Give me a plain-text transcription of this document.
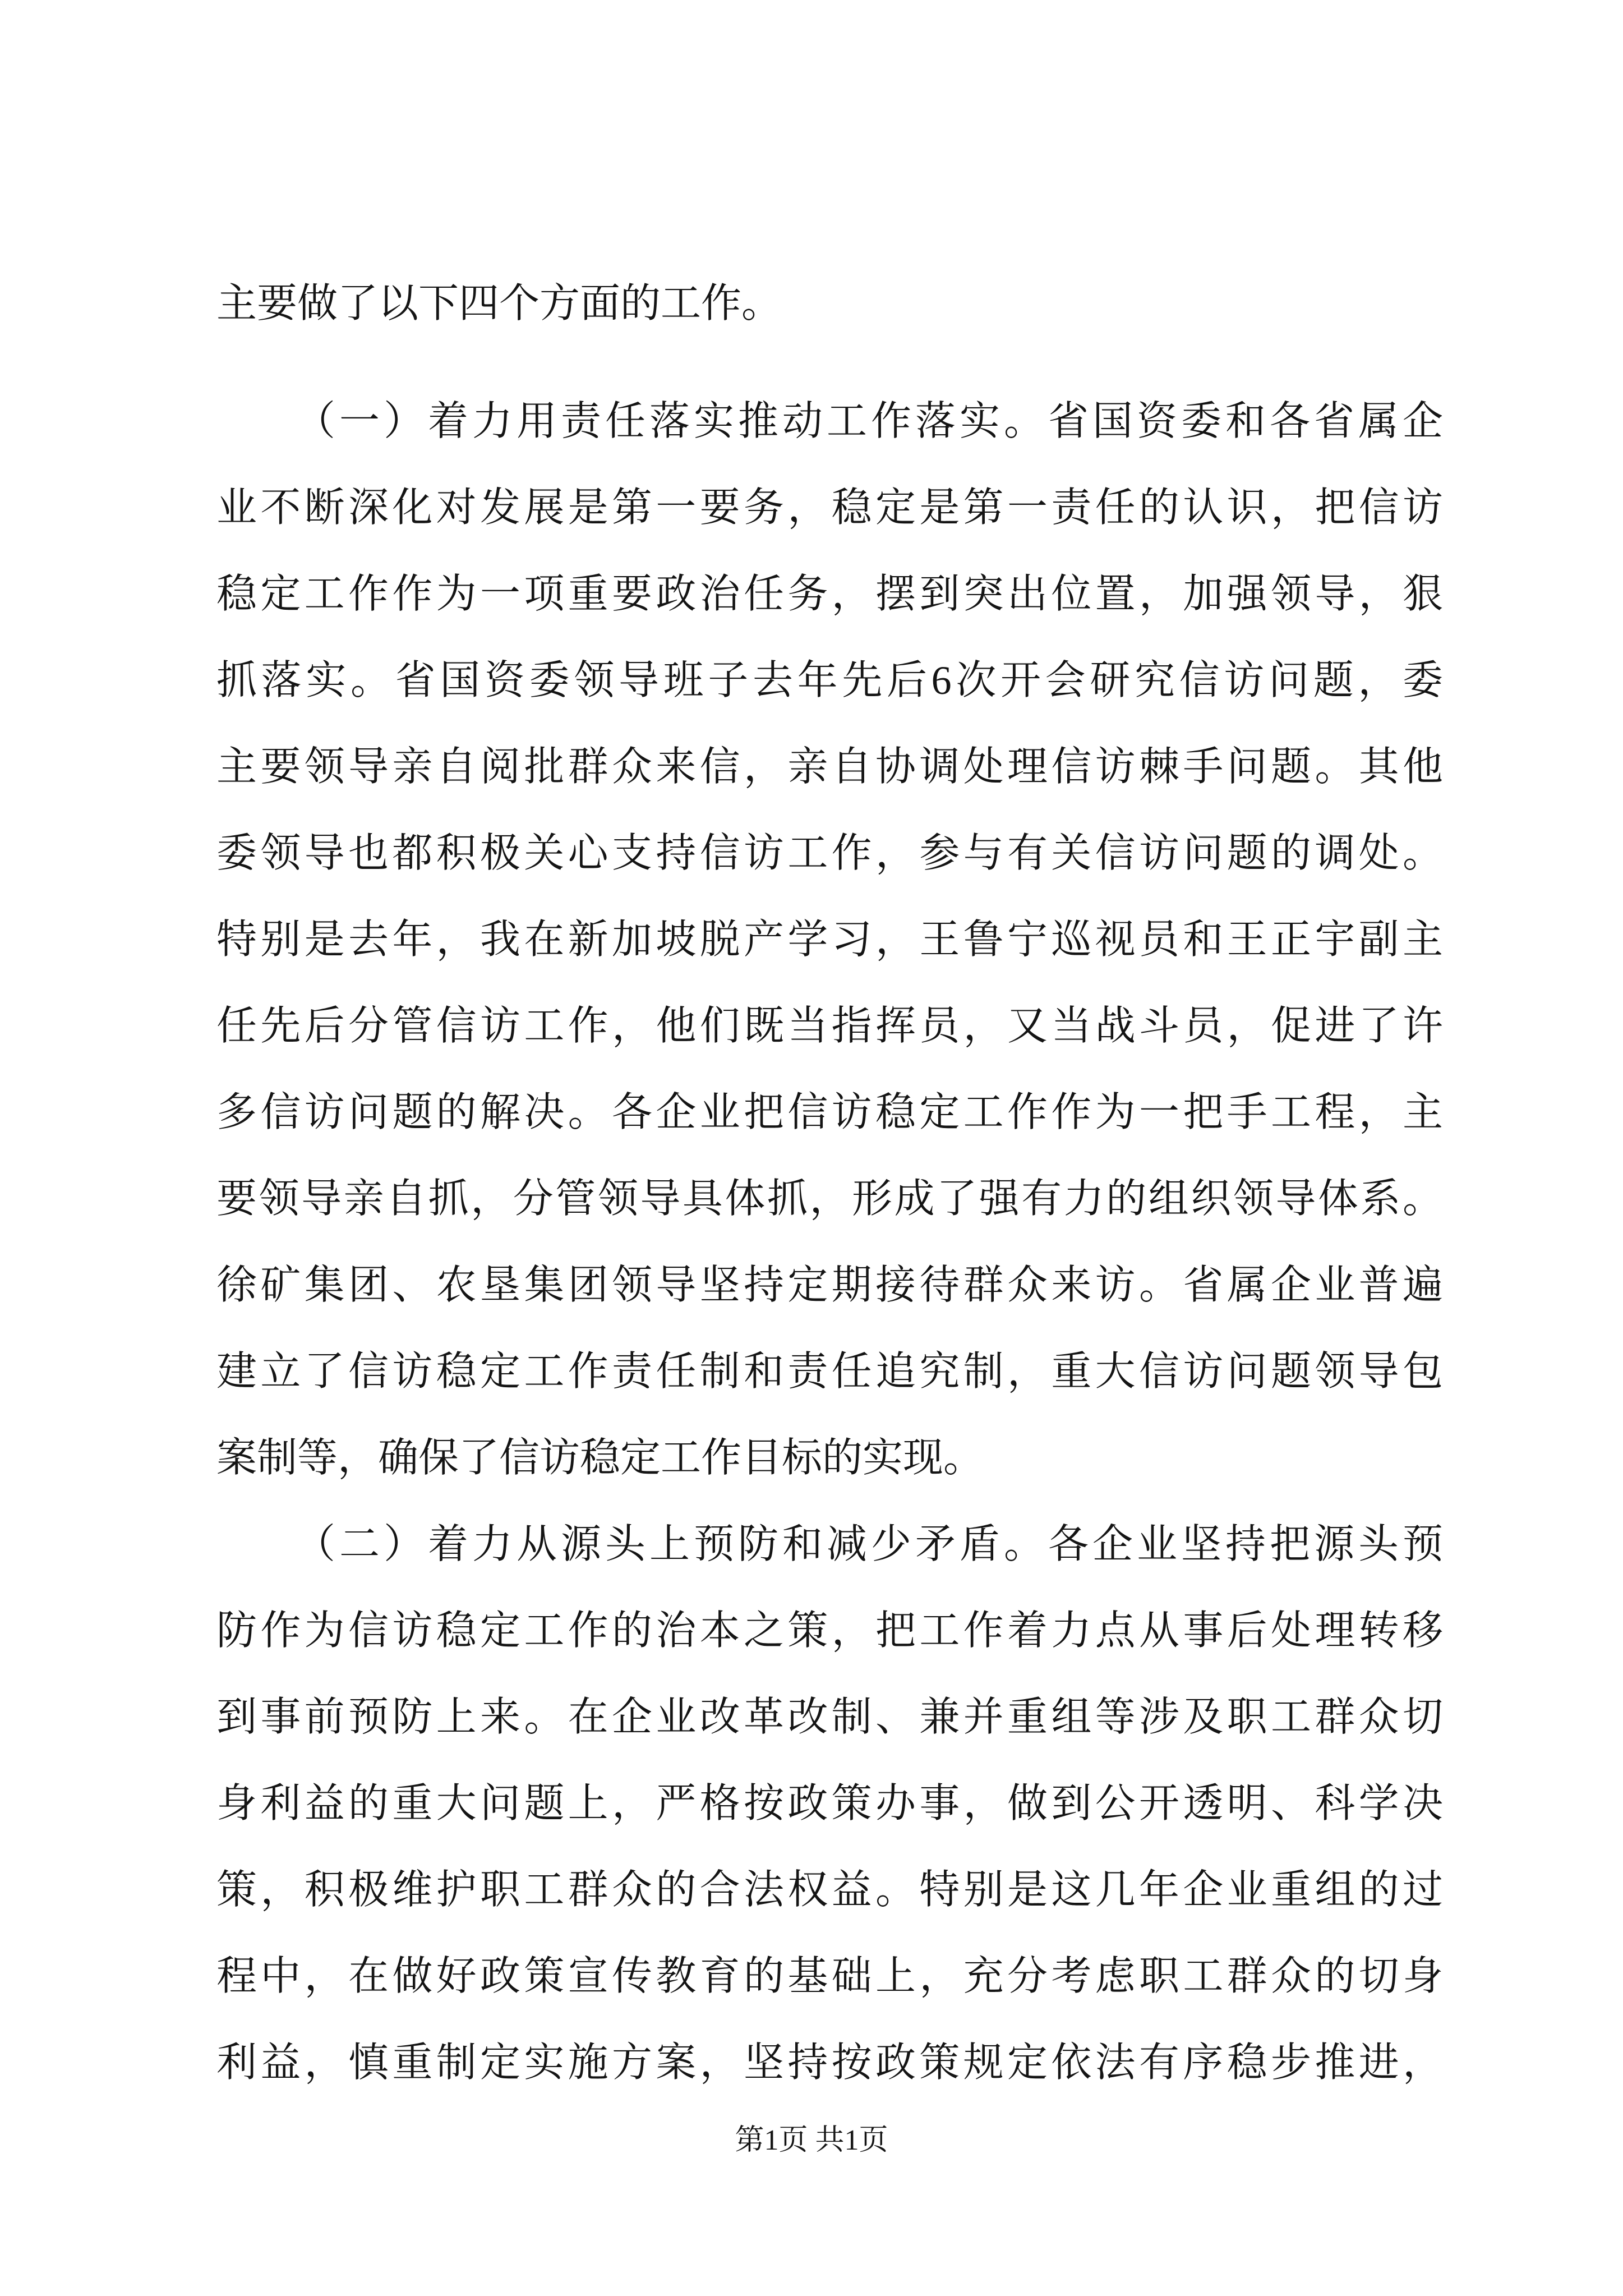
主要做了以下四个方面的工作。
（一）着力用责任落实推动工作落实。省国资委和各省属企
业不断深化对发展是第一要务，稳定是第一责任的认识，把信访
稳定工作作为一项重要政治任务，摆到突出位置，加强领导，狠
抓落实。省国资委领导班子去年先后6次开会研究信访问题，委
主要领导亲自阅批群众来信，亲自协调处理信访棘手问题。其他
委领导也都积极关心支持信访工作，参与有关信访问题的调处。
特别是去年，我在新加坡脱产学习，王鲁宁巡视员和王正宇副主
任先后分管信访工作，他们既当指挥员，又当战斗员，促进了许
多信访问题的解决。各企业把信访稳定工作作为一把手工程，主
要领导亲自抓，分管领导具体抓，形成了强有力的组织领导体系。
徐矿集团、农垦集团领导坚持定期接待群众来访。省属企业普遍
建立了信访稳定工作责任制和责任追究制，重大信访问题领导包
案制等，确保了信访稳定工作目标的实现。
（二）着力从源头上预防和减少矛盾。各企业坚持把源头预
防作为信访稳定工作的治本之策，把工作着力点从事后处理转移
到事前预防上来。在企业改革改制、兼并重组等涉及职工群众切
身利益的重大问题上，严格按政策办事，做到公开透明、科学决
策，积极维护职工群众的合法权益。特别是这几年企业重组的过
程中，在做好政策宣传教育的基础上，充分考虑职工群众的切身
利益，慎重制定实施方案，坚持按政策规定依法有序稳步推进，
第1页 共1页
